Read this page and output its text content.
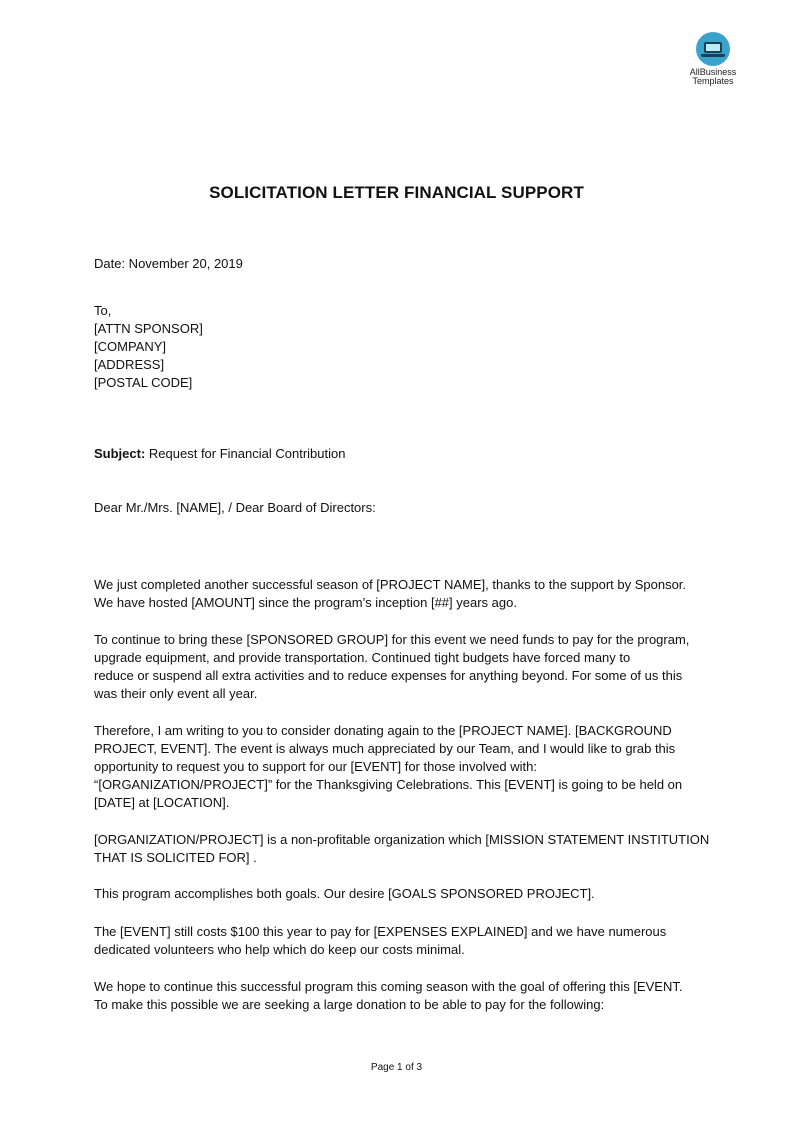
AllBusiness
Templates
SOLICITATION LETTER FINANCIAL SUPPORT
Date: November 20, 2019
To,
[ATTN SPONSOR]
[COMPANY]
[ADDRESS]
[POSTAL CODE]
Subject: Request for Financial Contribution
Dear Mr./Mrs. [NAME], / Dear Board of Directors:
We just completed another successful season of [PROJECT NAME], thanks to the support by Sponsor.
We have hosted [AMOUNT] since the program’s inception [##] years ago.
To continue to bring these [SPONSORED GROUP] for this event we need funds to pay for the program,
upgrade equipment, and provide transportation. Continued tight budgets have forced many to
reduce or suspend all extra activities and to reduce expenses for anything beyond. For some of us this
was their only event all year.
Therefore, I am writing to you to consider donating again to the [PROJECT NAME]. [BACKGROUND
PROJECT, EVENT]. The event is always much appreciated by our Team, and I would like to grab this
opportunity to request you to support for our [EVENT] for those involved with:
“[ORGANIZATION/PROJECT]” for the Thanksgiving Celebrations. This [EVENT] is going to be held on
[DATE] at [LOCATION].
[ORGANIZATION/PROJECT] is a non-profitable organization which [MISSION STATEMENT INSTITUTION
THAT IS SOLICITED FOR] .
This program accomplishes both goals. Our desire [GOALS SPONSORED PROJECT].
The [EVENT] still costs $100 this year to pay for [EXPENSES EXPLAINED] and we have numerous
dedicated volunteers who help which do keep our costs minimal.
We hope to continue this successful program this coming season with the goal of offering this [EVENT.
To make this possible we are seeking a large donation to be able to pay for the following:
Page 1 of 3
